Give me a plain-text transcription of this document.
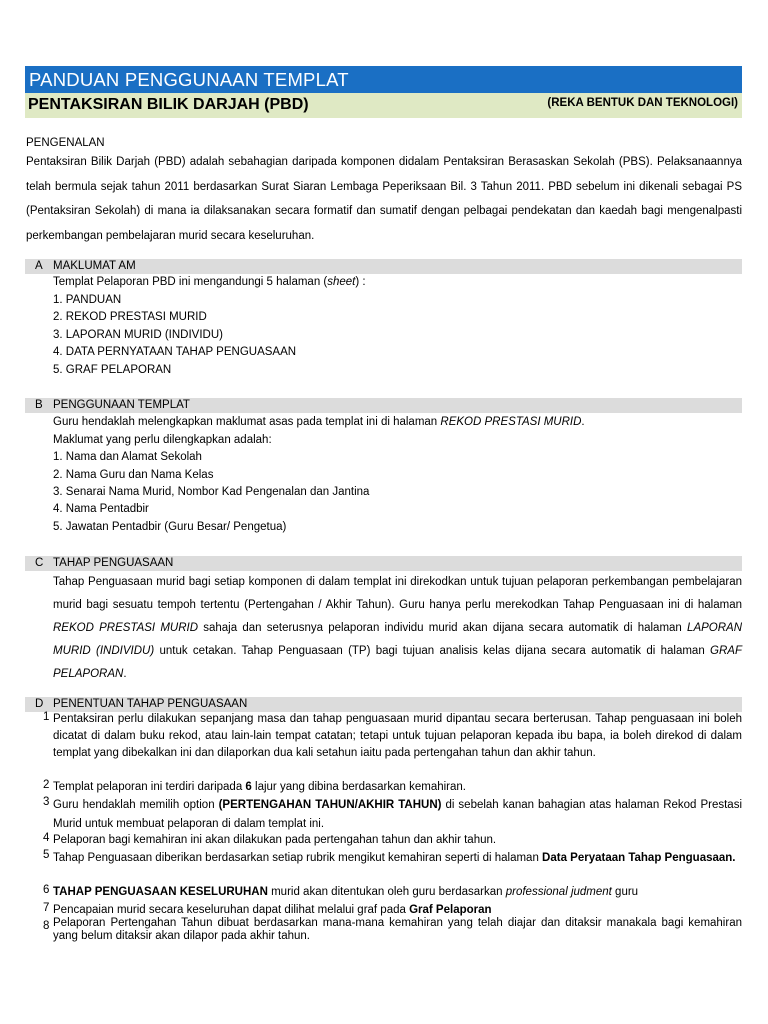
PANDUAN PENGGUNAAN TEMPLAT
PENTAKSIRAN BILIK DARJAH (PBD)	(REKA BENTUK DAN TEKNOLOGI)
PENGENALAN
Pentaksiran Bilik Darjah (PBD) adalah sebahagian daripada komponen didalam Pentaksiran Berasaskan Sekolah (PBS). Pelaksanaannya telah bermula sejak tahun 2011 berdasarkan Surat Siaran Lembaga Peperiksaan Bil. 3 Tahun 2011. PBD sebelum ini dikenali sebagai PS (Pentaksiran Sekolah) di mana ia dilaksanakan secara formatif dan sumatif dengan pelbagai pendekatan dan kaedah bagi mengenalpasti perkembangan pembelajaran murid secara keseluruhan.
A MAKLUMAT AM
Templat Pelaporan PBD ini mengandungi 5 halaman (sheet) :
1. PANDUAN
2. REKOD PRESTASI MURID
3. LAPORAN MURID (INDIVIDU)
4. DATA PERNYATAAN TAHAP PENGUASAAN
5. GRAF PELAPORAN
B PENGGUNAAN TEMPLAT
Guru hendaklah melengkapkan maklumat asas pada templat ini di halaman REKOD PRESTASI MURID.
Maklumat yang perlu dilengkapkan adalah:
1. Nama dan Alamat Sekolah
2. Nama Guru dan Nama Kelas
3. Senarai Nama Murid, Nombor Kad Pengenalan dan Jantina
4. Nama Pentadbir
5. Jawatan Pentadbir (Guru Besar/ Pengetua)
C TAHAP PENGUASAAN
Tahap Penguasaan murid bagi setiap komponen di dalam templat ini direkodkan untuk tujuan pelaporan perkembangan pembelajaran murid bagi sesuatu tempoh tertentu (Pertengahan / Akhir Tahun). Guru hanya perlu merekodkan Tahap Penguasaan ini di halaman REKOD PRESTASI MURID sahaja dan seterusnya pelaporan individu murid akan dijana secara automatik di halaman LAPORAN MURID (INDIVIDU) untuk cetakan. Tahap Penguasaan (TP) bagi tujuan analisis kelas dijana secara automatik di halaman GRAF PELAPORAN.
D PENENTUAN TAHAP PENGUASAAN
1 Pentaksiran perlu dilakukan sepanjang masa dan tahap penguasaan murid dipantau secara berterusan. Tahap penguasaan ini boleh dicatat di dalam buku rekod, atau lain-lain tempat catatan; tetapi untuk tujuan pelaporan kepada ibu bapa, ia boleh direkod di dalam templat yang dibekalkan ini dan dilaporkan dua kali setahun iaitu pada pertengahan tahun dan akhir tahun.
2 Templat pelaporan ini terdiri daripada 6 lajur yang dibina berdasarkan kemahiran.
3 Guru hendaklah memilih option (PERTENGAHAN TAHUN/AKHIR TAHUN) di sebelah kanan bahagian atas halaman Rekod Prestasi Murid untuk membuat pelaporan di dalam templat ini.
4 Pelaporan bagi kemahiran ini akan dilakukan pada pertengahan tahun dan akhir tahun.
5 Tahap Penguasaan diberikan berdasarkan setiap rubrik mengikut kemahiran seperti di halaman Data Peryataan Tahap Penguasaan.
6 TAHAP PENGUASAAN KESELURUHAN murid akan ditentukan oleh guru berdasarkan professional judment guru
7 Pencapaian murid secara keseluruhan dapat dilihat melalui graf pada Graf Pelaporan
8 Pelaporan Pertengahan Tahun dibuat berdasarkan mana-mana kemahiran yang telah diajar dan ditaksir manakala bagi kemahiran yang belum ditaksir akan dilapor pada akhir tahun.
